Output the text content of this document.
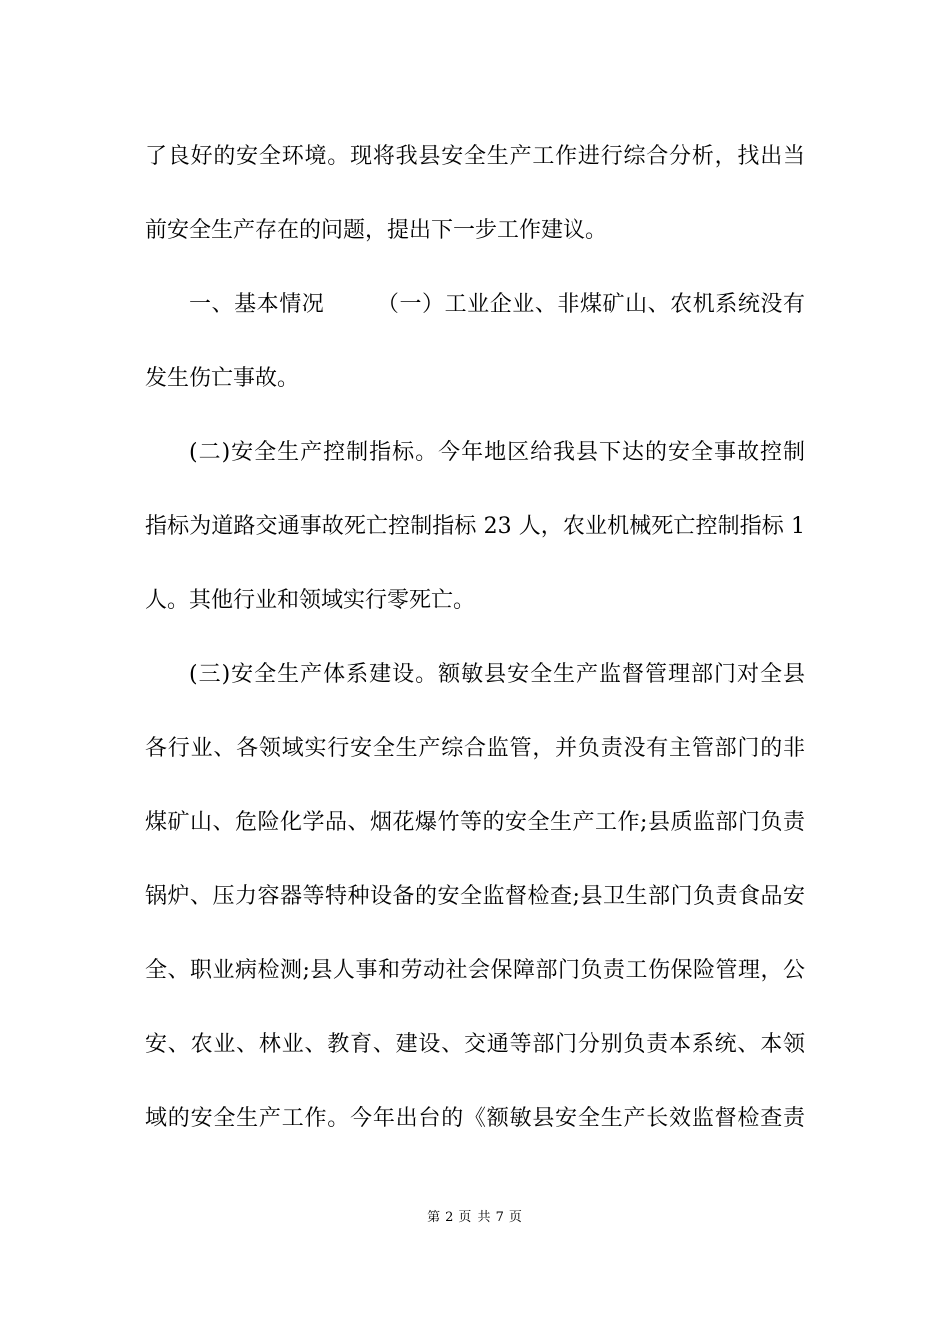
了良好的安全环境。现将我县安全生产工作进行综合分析，找出当
前安全生产存在的问题，提出下一步工作建议。
一、基本情况 （一）工业企业、非煤矿山、农机系统没有
发生伤亡事故。
(二)安全生产控制指标。今年地区给我县下达的安全事故控制
指标为道路交通事故死亡控制指标 23 人，农业机械死亡控制指标 1
人。其他行业和领域实行零死亡。
(三)安全生产体系建设。额敏县安全生产监督管理部门对全县
各行业、各领域实行安全生产综合监管，并负责没有主管部门的非
煤矿山、危险化学品、烟花爆竹等的安全生产工作;县质监部门负责
锅炉、压力容器等特种设备的安全监督检查;县卫生部门负责食品安
全、职业病检测;县人事和劳动社会保障部门负责工伤保险管理，公
安、农业、林业、教育、建设、交通等部门分别负责本系统、本领
域的安全生产工作。今年出台的《额敏县安全生产长效监督检查责
第 2 页 共 7 页
